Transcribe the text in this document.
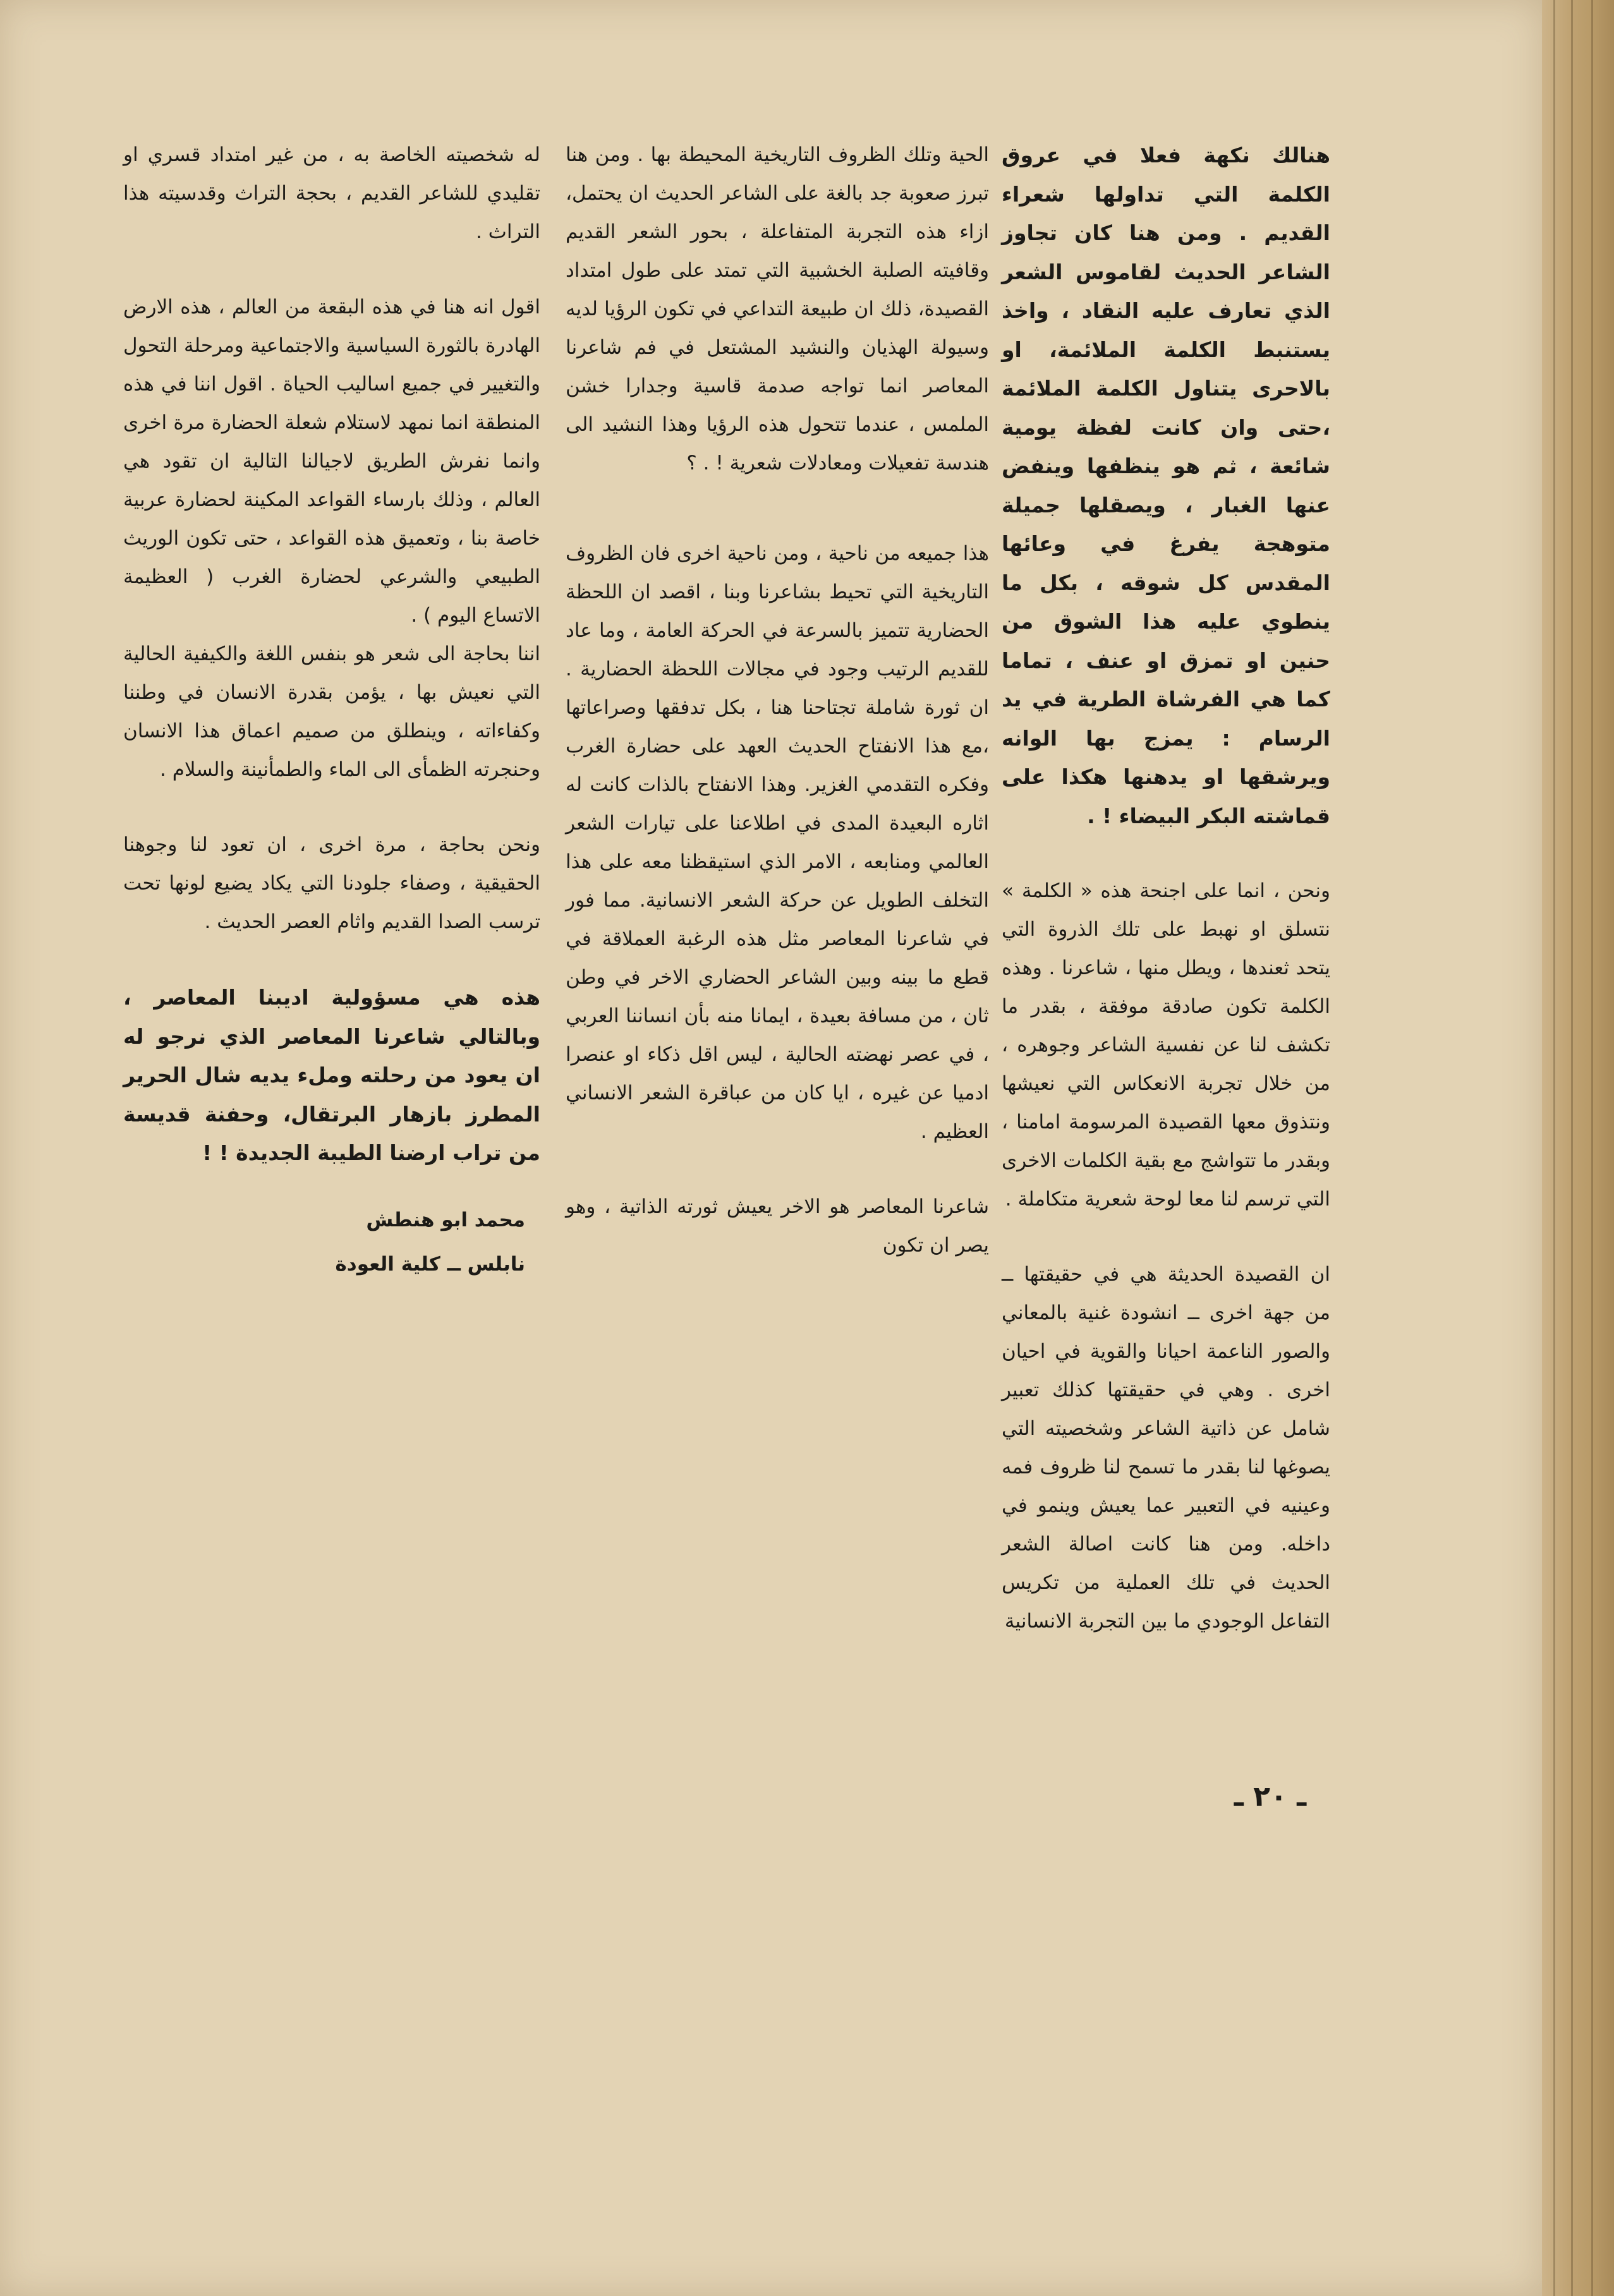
هنالك نكهة فعلا في عروق الكلمة التي تداولها شعراء القديم . ومن هنا كان تجاوز الشاعر الحديث لقاموس الشعر الذي تعارف عليه النقاد ، واخذ يستنبط الكلمة الملائمة، او بالاحرى يتناول الكلمة الملائمة ،حتى وان كانت لفظة يومية شائعة ، ثم هو ينظفها وينفض عنها الغبار ، ويصقلها جميلة متوهجة يفرغ في وعائها المقدس كل شوقه ، بكل ما ينطوي عليه هذا الشوق من حنين او تمزق او عنف ، تماما كما هي الفرشاة الطرية في يد الرسام : يمزج بها الوانه ويرشقها او يدهنها هكذا على قماشته البكر البيضاء ! .

ونحن ، انما على اجنحة هذه « الكلمة » نتسلق او نهبط على تلك الذروة التي يتحد ثعندها ، ويطل منها ، شاعرنا . وهذه الكلمة تكون صادقة موفقة ، بقدر ما تكشف لنا عن نفسية الشاعر وجوهره ، من خلال تجربة الانعكاس التي نعيشها ونتذوق معها القصيدة المرسومة امامنا ، وبقدر ما تتواشج مع بقية الكلمات الاخرى التي ترسم لنا معا لوحة شعرية متكاملة .

ان القصيدة الحديثة هي في حقيقتها ــ من جهة اخرى ــ انشودة غنية بالمعاني والصور الناعمة احيانا والقوية في احيان اخرى . وهي في حقيقتها كذلك تعبير شامل عن ذاتية الشاعر وشخصيته التي يصوغها لنا بقدر ما تسمح لنا ظروف فمه وعينيه في التعبير عما يعيش وينمو في داخله. ومن هنا كانت اصالة الشعر الحديث في تلك العملية من تكريس التفاعل الوجودي ما بين التجربة الانسانية

الحية وتلك الظروف التاريخية المحيطة بها . ومن هنا تبرز صعوبة جد بالغة على الشاعر الحديث ان يحتمل، ازاء هذه التجربة المتفاعلة ، بحور الشعر القديم وقافيته الصلبة الخشبية التي تمتد على طول امتداد القصيدة، ذلك ان طبيعة التداعي في تكون الرؤيا لديه وسيولة الهذيان والنشيد المشتعل في فم شاعرنا المعاصر انما تواجه صدمة قاسية وجدارا خشن الملمس ، عندما تتحول هذه الرؤيا وهذا النشيد الى هندسة تفعيلات ومعادلات شعرية ! . ؟

هذا جميعه من ناحية ، ومن ناحية اخرى فان الظروف التاريخية التي تحيط بشاعرنا وبنا ، اقصد ان اللحظة الحضارية تتميز بالسرعة في الحركة العامة ، وما عاد للقديم الرتيب وجود في مجالات اللحظة الحضارية . ان ثورة شاملة تجتاحنا هنا ، بكل تدفقها وصراعاتها ،مع هذا الانفتاح الحديث العهد على حضارة الغرب وفكره التقدمي الغزير. وهذا الانفتاح بالذات كانت له اثاره البعيدة المدى في اطلاعنا على تيارات الشعر العالمي ومنابعه ، الامر الذي استيقظنا معه على هذا التخلف الطويل عن حركة الشعر الانسانية. مما فور في شاعرنا المعاصر مثل هذه الرغبة العملاقة في قطع ما بينه وبين الشاعر الحضاري الاخر في وطن ثان ، من مسافة بعيدة ، ايمانا منه بأن انساننا العربي ، في عصر نهضته الحالية ، ليس اقل ذكاء او عنصرا ادميا عن غيره ، ايا كان من عباقرة الشعر الانساني العظيم .

شاعرنا المعاصر هو الاخر يعيش ثورته الذاتية ، وهو يصر ان تكون

له شخصيته الخاصة به ، من غير امتداد قسري او تقليدي للشاعر القديم ، بحجة التراث وقدسيته هذا التراث .

اقول انه هنا في هذه البقعة من العالم ، هذه الارض الهادرة بالثورة السياسية والاجتماعية ومرحلة التحول والتغيير في جميع اساليب الحياة . اقول اننا في هذه المنطقة انما نمهد لاستلام شعلة الحضارة مرة اخرى وانما نفرش الطريق لاجيالنا التالية ان تقود هي العالم ، وذلك بارساء القواعد المكينة لحضارة عربية خاصة بنا ، وتعميق هذه القواعد ، حتى تكون الوريث الطبيعي والشرعي لحضارة الغرب ( العظيمة الاتساع اليوم ) .

اننا بحاجة الى شعر هو بنفس اللغة والكيفية الحالية التي نعيش بها ، يؤمن بقدرة الانسان في وطننا وكفاءاته ، وينطلق من صميم اعماق هذا الانسان وحنجرته الظمأى الى الماء والطمأنينة والسلام .

ونحن بحاجة ، مرة اخرى ، ان تعود لنا وجوهنا الحقيقية ، وصفاء جلودنا التي يكاد يضيع لونها تحت ترسب الصدا القديم واثام العصر الحديث .

هذه هي مسؤولية اديبنا المعاصر ، وبالتالي شاعرنا المعاصر الذي نرجو له ان يعود من رحلته وملء يديه شال الحرير المطرز بازهار البرتقال، وحفنة قديسة من تراب ارضنا الطيبة الجديدة ! !

محمد ابو هنطش

نابلس ــ كلية العودة

ـ ٢٠ ـ
